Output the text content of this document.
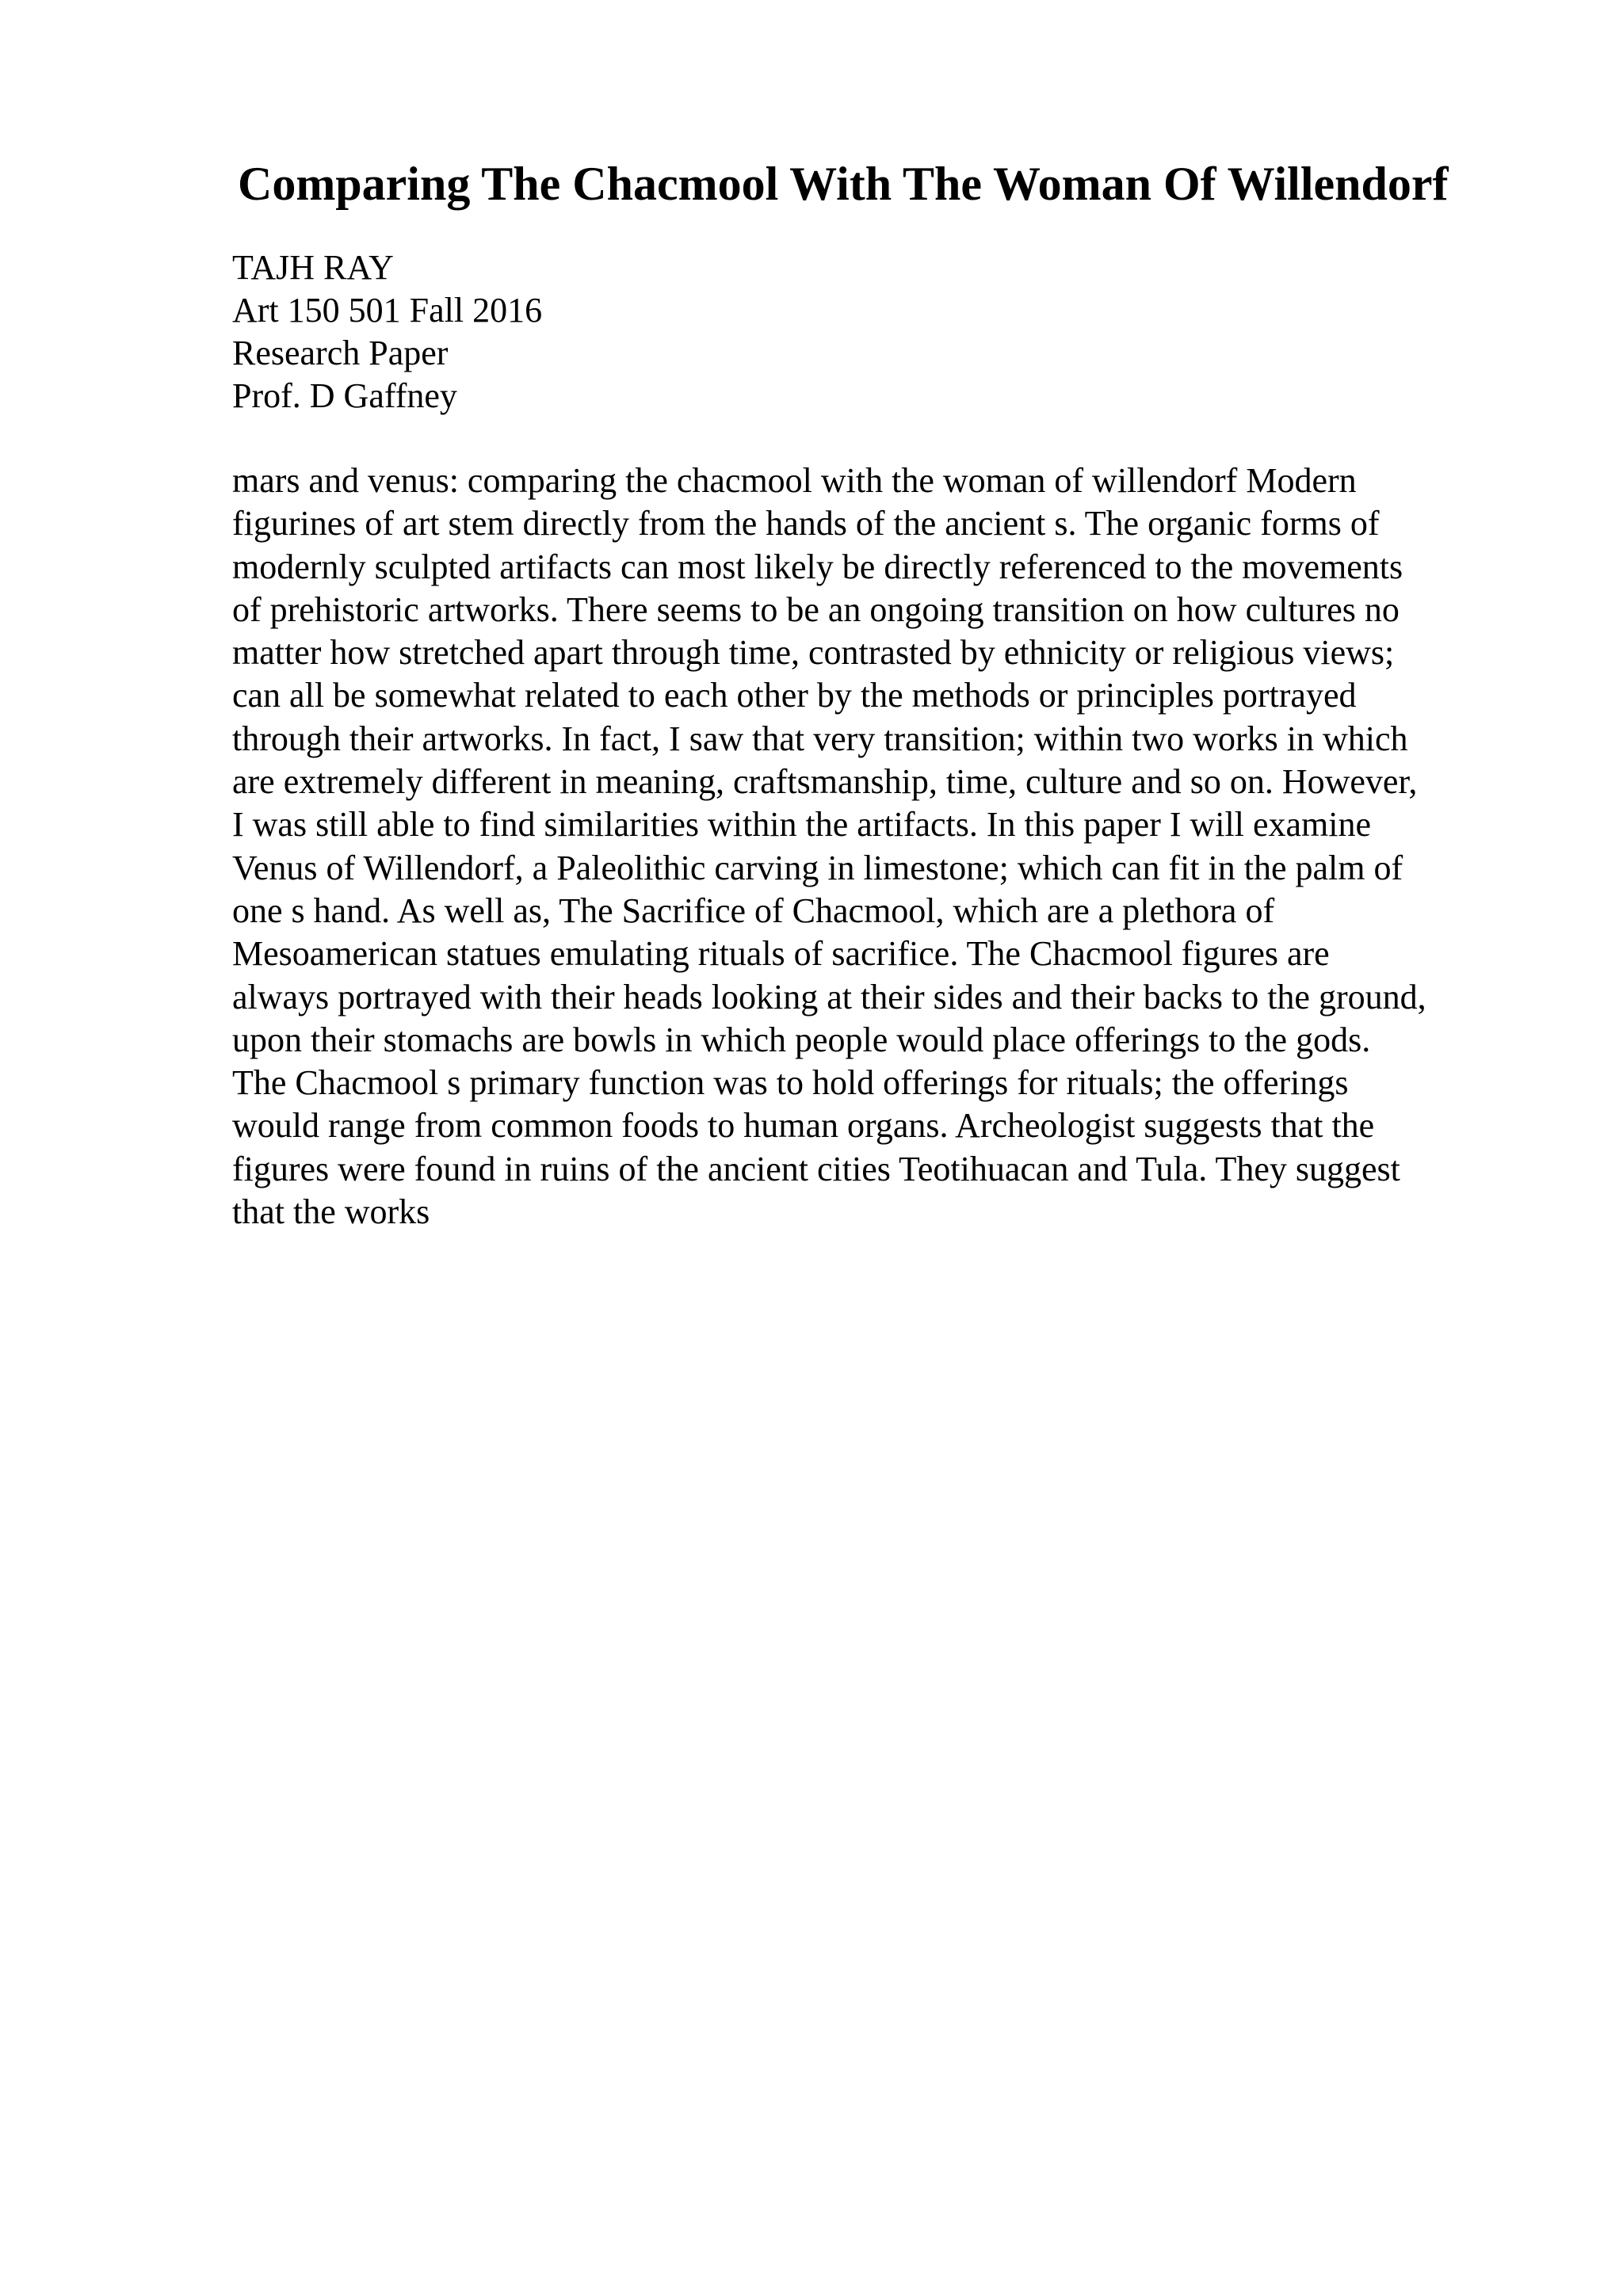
Comparing The Chacmool With The Woman Of Willendorf
TAJH RAY
Art 150 501 Fall 2016
Research Paper
Prof. D Gaffney
mars and venus: comparing the chacmool with the woman of willendorf Modern
figurines of art stem directly from the hands of the ancient s. The organic forms of
modernly sculpted artifacts can most likely be directly referenced to the movements
of prehistoric artworks. There seems to be an ongoing transition on how cultures no
matter how stretched apart through time, contrasted by ethnicity or religious views;
can all be somewhat related to each other by the methods or principles portrayed
through their artworks. In fact, I saw that very transition; within two works in which
are extremely different in meaning, craftsmanship, time, culture and so on. However,
I was still able to find similarities within the artifacts. In this paper I will examine
Venus of Willendorf, a Paleolithic carving in limestone; which can fit in the palm of
one s hand. As well as, The Sacrifice of Chacmool, which are a plethora of
Mesoamerican statues emulating rituals of sacrifice. The Chacmool figures are
always portrayed with their heads looking at their sides and their backs to the ground,
upon their stomachs are bowls in which people would place offerings to the gods.
The Chacmool s primary function was to hold offerings for rituals; the offerings
would range from common foods to human organs. Archeologist suggests that the
figures were found in ruins of the ancient cities Teotihuacan and Tula. They suggest
that the works
